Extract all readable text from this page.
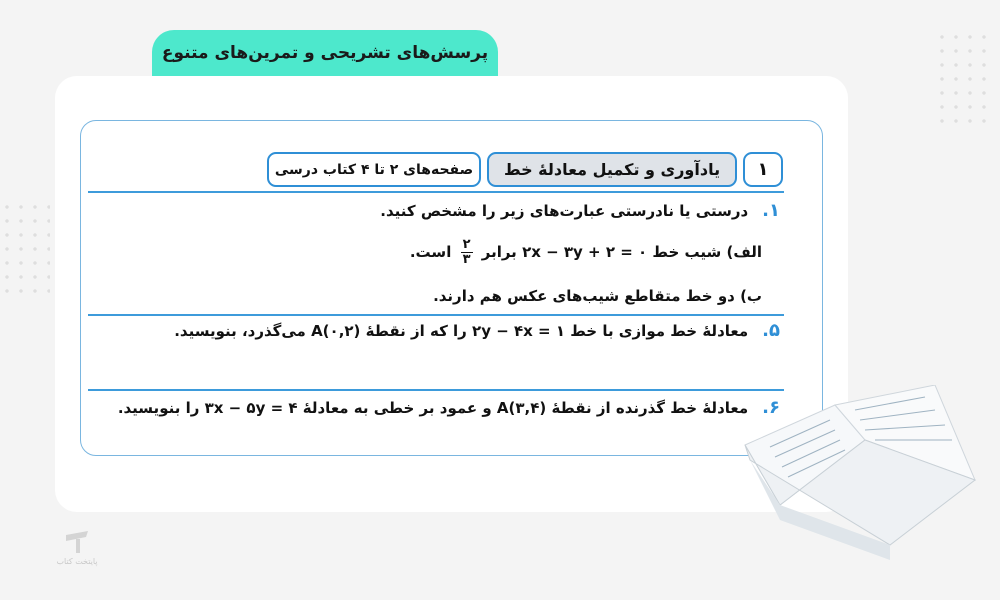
پرسش‌های تشریحی و تمرین‌های متنوع
۱
یادآوری و تکمیل معادلهٔ خط
صفحه‌های ۲ تا ۴ کتاب درسی
۱.درستی یا نادرستی عبارت‌های زیر را مشخص کنید.
الف) شیب خط ۲x − ۳y + ۲ = ۰ برابر
$\frac{۲}{۳}$
است.
ب) دو خط متقاطع شیب‌های عکس هم دارند.
۵.معادلهٔ خط موازی با خط ۲y − ۴x = ۱ را که از نقطهٔ A(۰,۲) می‌گذرد، بنویسید.
۶.معادلهٔ خط گذرنده از نقطهٔ A(۳,۴) و عمود بر خطی به معادلهٔ ۳x − ۵y = ۴ را بنویسید.
پایتخت کتاب
